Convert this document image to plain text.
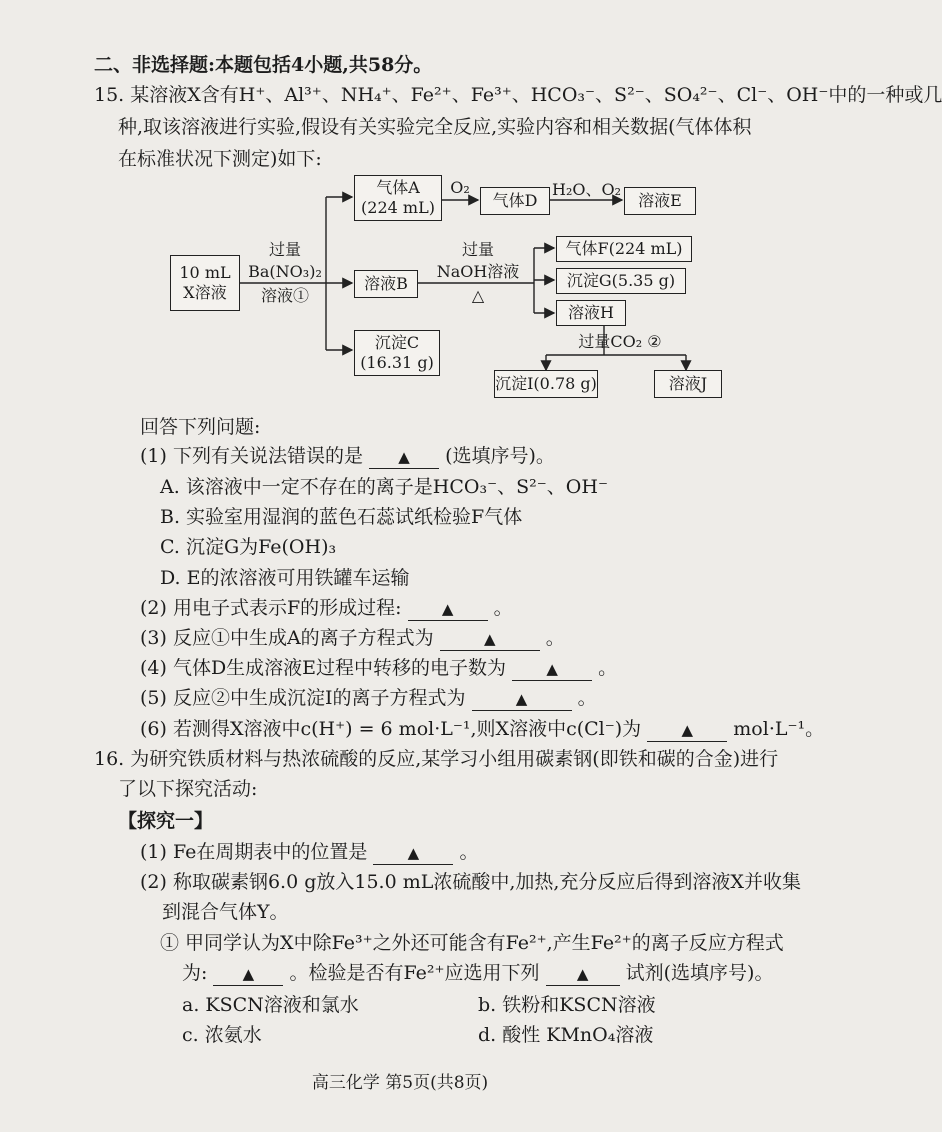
二、非选择题:本题包括4小题,共58分。
15. 某溶液X含有H⁺、Al³⁺、NH₄⁺、Fe²⁺、Fe³⁺、HCO₃⁻、S²⁻、SO₄²⁻、Cl⁻、OH⁻中的一种或几
种,取该溶液进行实验,假设有关实验完全反应,实验内容和相关数据(气体体积
在标准状况下测定)如下:
10 mL
X溶液
过量
Ba(NO₃)₂
溶液①
气体A
(224 mL)
O₂
气体D
H₂O、O₂
溶液E
溶液B
过量
NaOH溶液
△
气体F(224 mL)
沉淀G(5.35 g)
溶液H
沉淀C
(16.31 g)
过量CO₂ ②
沉淀I(0.78 g)	溶液J
回答下列问题:
(1) 下列有关说法错误的是 ▲ (选填序号)。
A. 该溶液中一定不存在的离子是HCO₃⁻、S²⁻、OH⁻
B. 实验室用湿润的蓝色石蕊试纸检验F气体
C. 沉淀G为Fe(OH)₃
D. E的浓溶液可用铁罐车运输
(2) 用电子式表示F的形成过程:	▲ 。
(3) 反应①中生成A的离子方程式为	▲	。
(4) 气体D生成溶液E过程中转移的电子数为	▲ 。
(5) 反应②中生成沉淀I的离子方程式为	▲	。
(6) 若测得X溶液中c(H⁺) = 6 mol·L⁻¹,则X溶液中c(Cl⁻)为	▲ mol·L⁻¹。
16. 为研究铁质材料与热浓硫酸的反应,某学习小组用碳素钢(即铁和碳的合金)进行
了以下探究活动:
【探究一】
(1) Fe在周期表中的位置是	▲ 。
(2) 称取碳素钢6.0 g放入15.0 mL浓硫酸中,加热,充分反应后得到溶液X并收集
到混合气体Y。
① 甲同学认为X中除Fe³⁺之外还可能含有Fe²⁺,产生Fe²⁺的离子反应方程式
为: ▲ 。检验是否有Fe²⁺应选用下列 ▲ 试剂(选填序号)。
a. KSCN溶液和氯水	b. 铁粉和KSCN溶液
c. 浓氨水	d. 酸性 KMnO₄溶液
高三化学 第5页(共8页)
